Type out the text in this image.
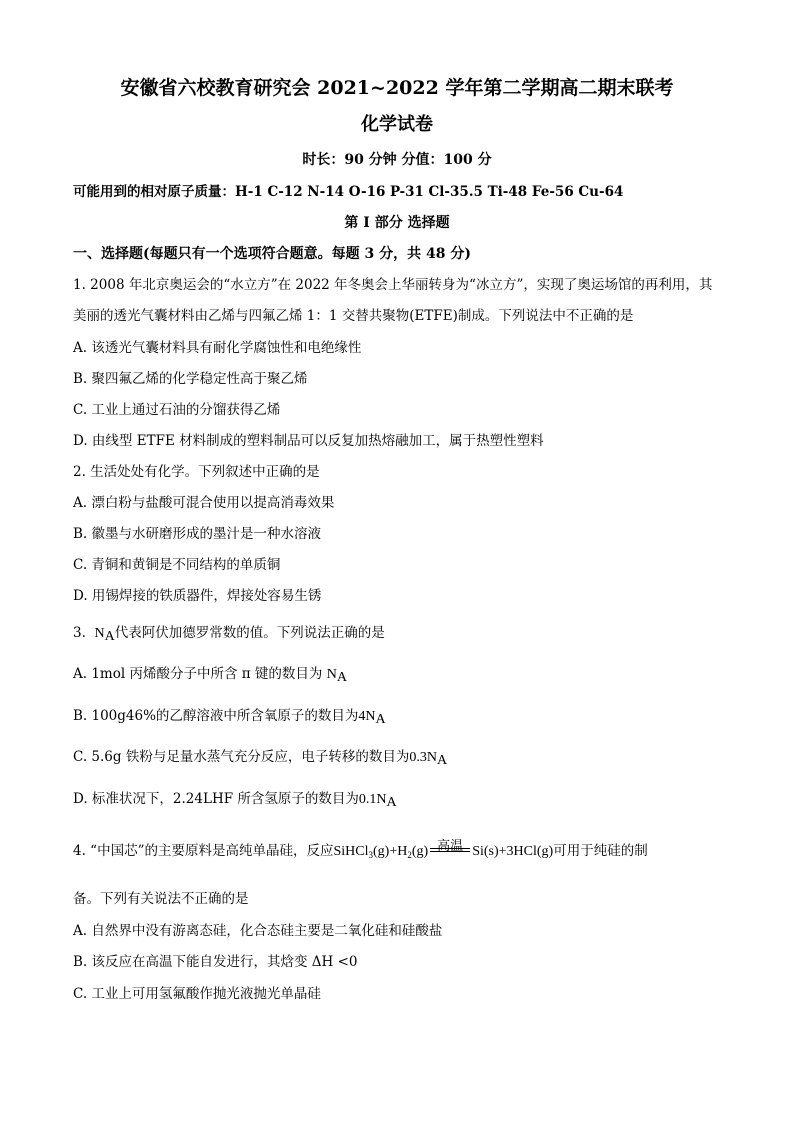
安徽省六校教育研究会 2021~2022 学年第二学期高二期末联考
化学试卷
时长：90 分钟 分值：100 分
可能用到的相对原子质量：H-1 C-12 N-14 O-16 P-31 Cl-35.5 Ti-48 Fe-56 Cu-64
第 I 部分 选择题
一、选择题(每题只有一个选项符合题意。每题 3 分，共 48 分)
1. 2008 年北京奥运会的“水立方”在 2022 年冬奥会上华丽转身为“冰立方”，实现了奥运场馆的再利用，其
美丽的透光气囊材料由乙烯与四氟乙烯 1：1 交替共聚物(ETFE)制成。下列说法中不正确的是
A. 该透光气囊材料具有耐化学腐蚀性和电绝缘性
B. 聚四氟乙烯的化学稳定性高于聚乙烯
C. 工业上通过石油的分馏获得乙烯
D. 由线型 ETFE 材料制成的塑料制品可以反复加热熔融加工，属于热塑性塑料
2. 生活处处有化学。下列叙述中正确的是
A. 漂白粉与盐酸可混合使用以提高消毒效果
B. 徽墨与水研磨形成的墨汁是一种水溶液
C. 青铜和黄铜是不同结构的单质铜
D. 用锡焊接的铁质器件，焊接处容易生锈
3. NA代表阿伏加德罗常数的值。下列说法正确的是
A. 1mol 丙烯酸分子中所含 π 键的数目为 NA
B. 100g46%的乙醇溶液中所含氧原子的数目为4NA
C. 5.6g 铁粉与足量水蒸气充分反应，电子转移的数目为0.3NA
D. 标准状况下，2.24LHF 所含氢原子的数目为0.1NA
4. “中国芯”的主要原料是高纯单晶硅，反应$SiHCl_3(g)+H_2(g)$ 高温 Si(s)+3HCl(g)可用于纯硅的制
备。下列有关说法不正确的是
A. 自然界中没有游离态硅，化合态硅主要是二氧化硅和硅酸盐
B. 该反应在高温下能自发进行，其焓变 ΔH <0
C. 工业上可用氢氟酸作抛光液抛光单晶硅
